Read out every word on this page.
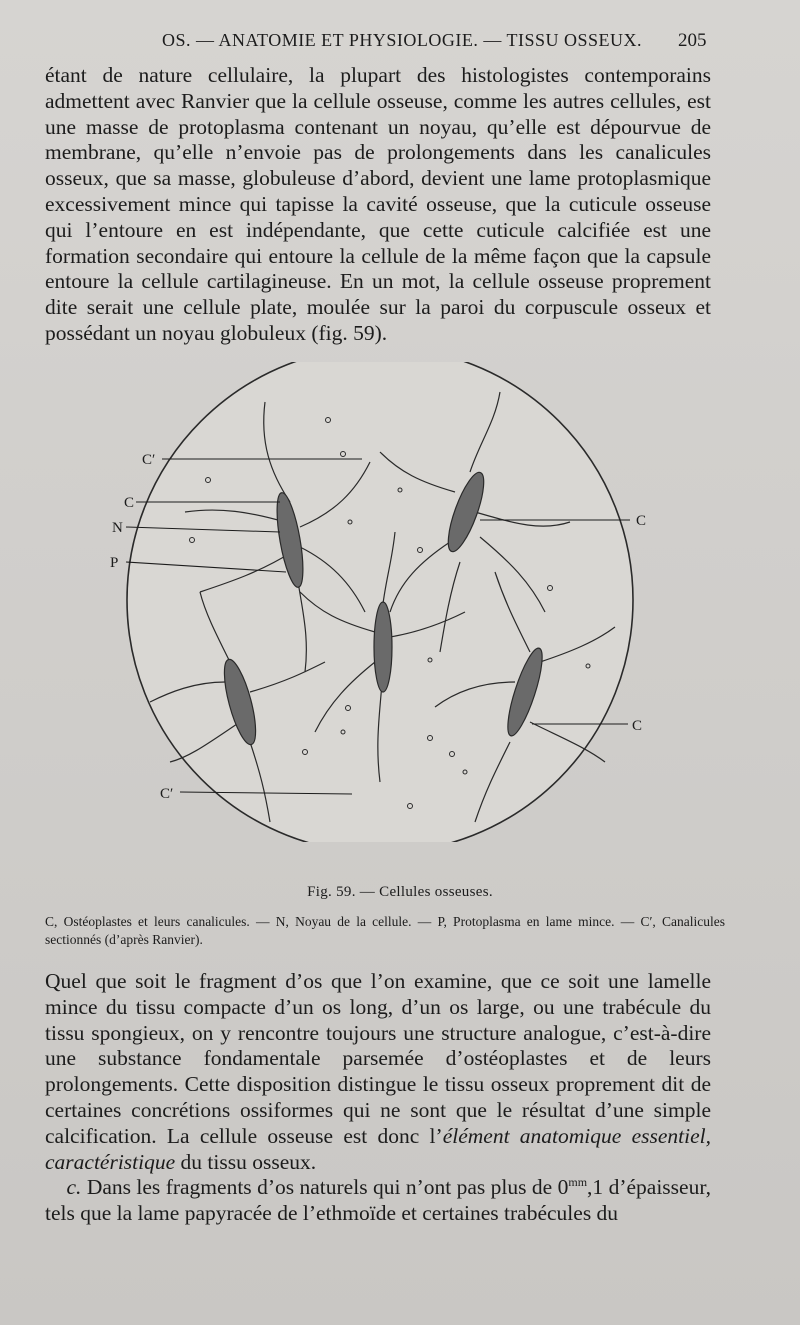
OS. — ANATOMIE ET PHYSIOLOGIE. — TISSU OSSEUX. 205

étant de nature cellulaire, la plupart des histologistes contemporains admettent avec Ranvier que la cellule osseuse, comme les autres cellules, est une masse de protoplasma contenant un noyau, qu’elle est dépourvue de membrane, qu’elle n’envoie pas de prolongements dans les canalicules osseux, que sa masse, globuleuse d’abord, devient une lame protoplasmique excessivement mince qui tapisse la cavité osseuse, que la cuticule osseuse qui l’entoure en est indépendante, que cette cuticule calcifiée est une formation secondaire qui entoure la cellule de la même façon que la capsule entoure la cellule cartilagineuse. En un mot, la cellule osseuse proprement dite serait une cellule plate, moulée sur la paroi du corpuscule osseux et possédant un noyau globuleux (fig. 59).

C′
C
N
P
C
C
C′
Fig. 59. — Cellules osseuses.

C, Ostéoplastes et leurs canalicules. — N, Noyau de la cellule. — P, Protoplasma en lame mince. — C′, Canalicules sectionnés (d’après Ranvier).

Quel que soit le fragment d’os que l’on examine, que ce soit une lamelle mince du tissu compacte d’un os long, d’un os large, ou une trabécule du tissu spongieux, on y rencontre toujours une structure analogue, c’est-à-dire une substance fondamentale parsemée d’ostéoplastes et de leurs prolongements. Cette disposition distingue le tissu osseux proprement dit de certaines concrétions ossiformes qui ne sont que le résultat d’une simple calcification. La cellule osseuse est donc l’élément anatomique essentiel, caractéristique du tissu osseux.

 c. Dans les fragments d’os naturels qui n’ont pas plus de $0^{mm},1$ d’épaisseur, tels que la lame papyracée de l’ethmoïde et certaines trabécules du
